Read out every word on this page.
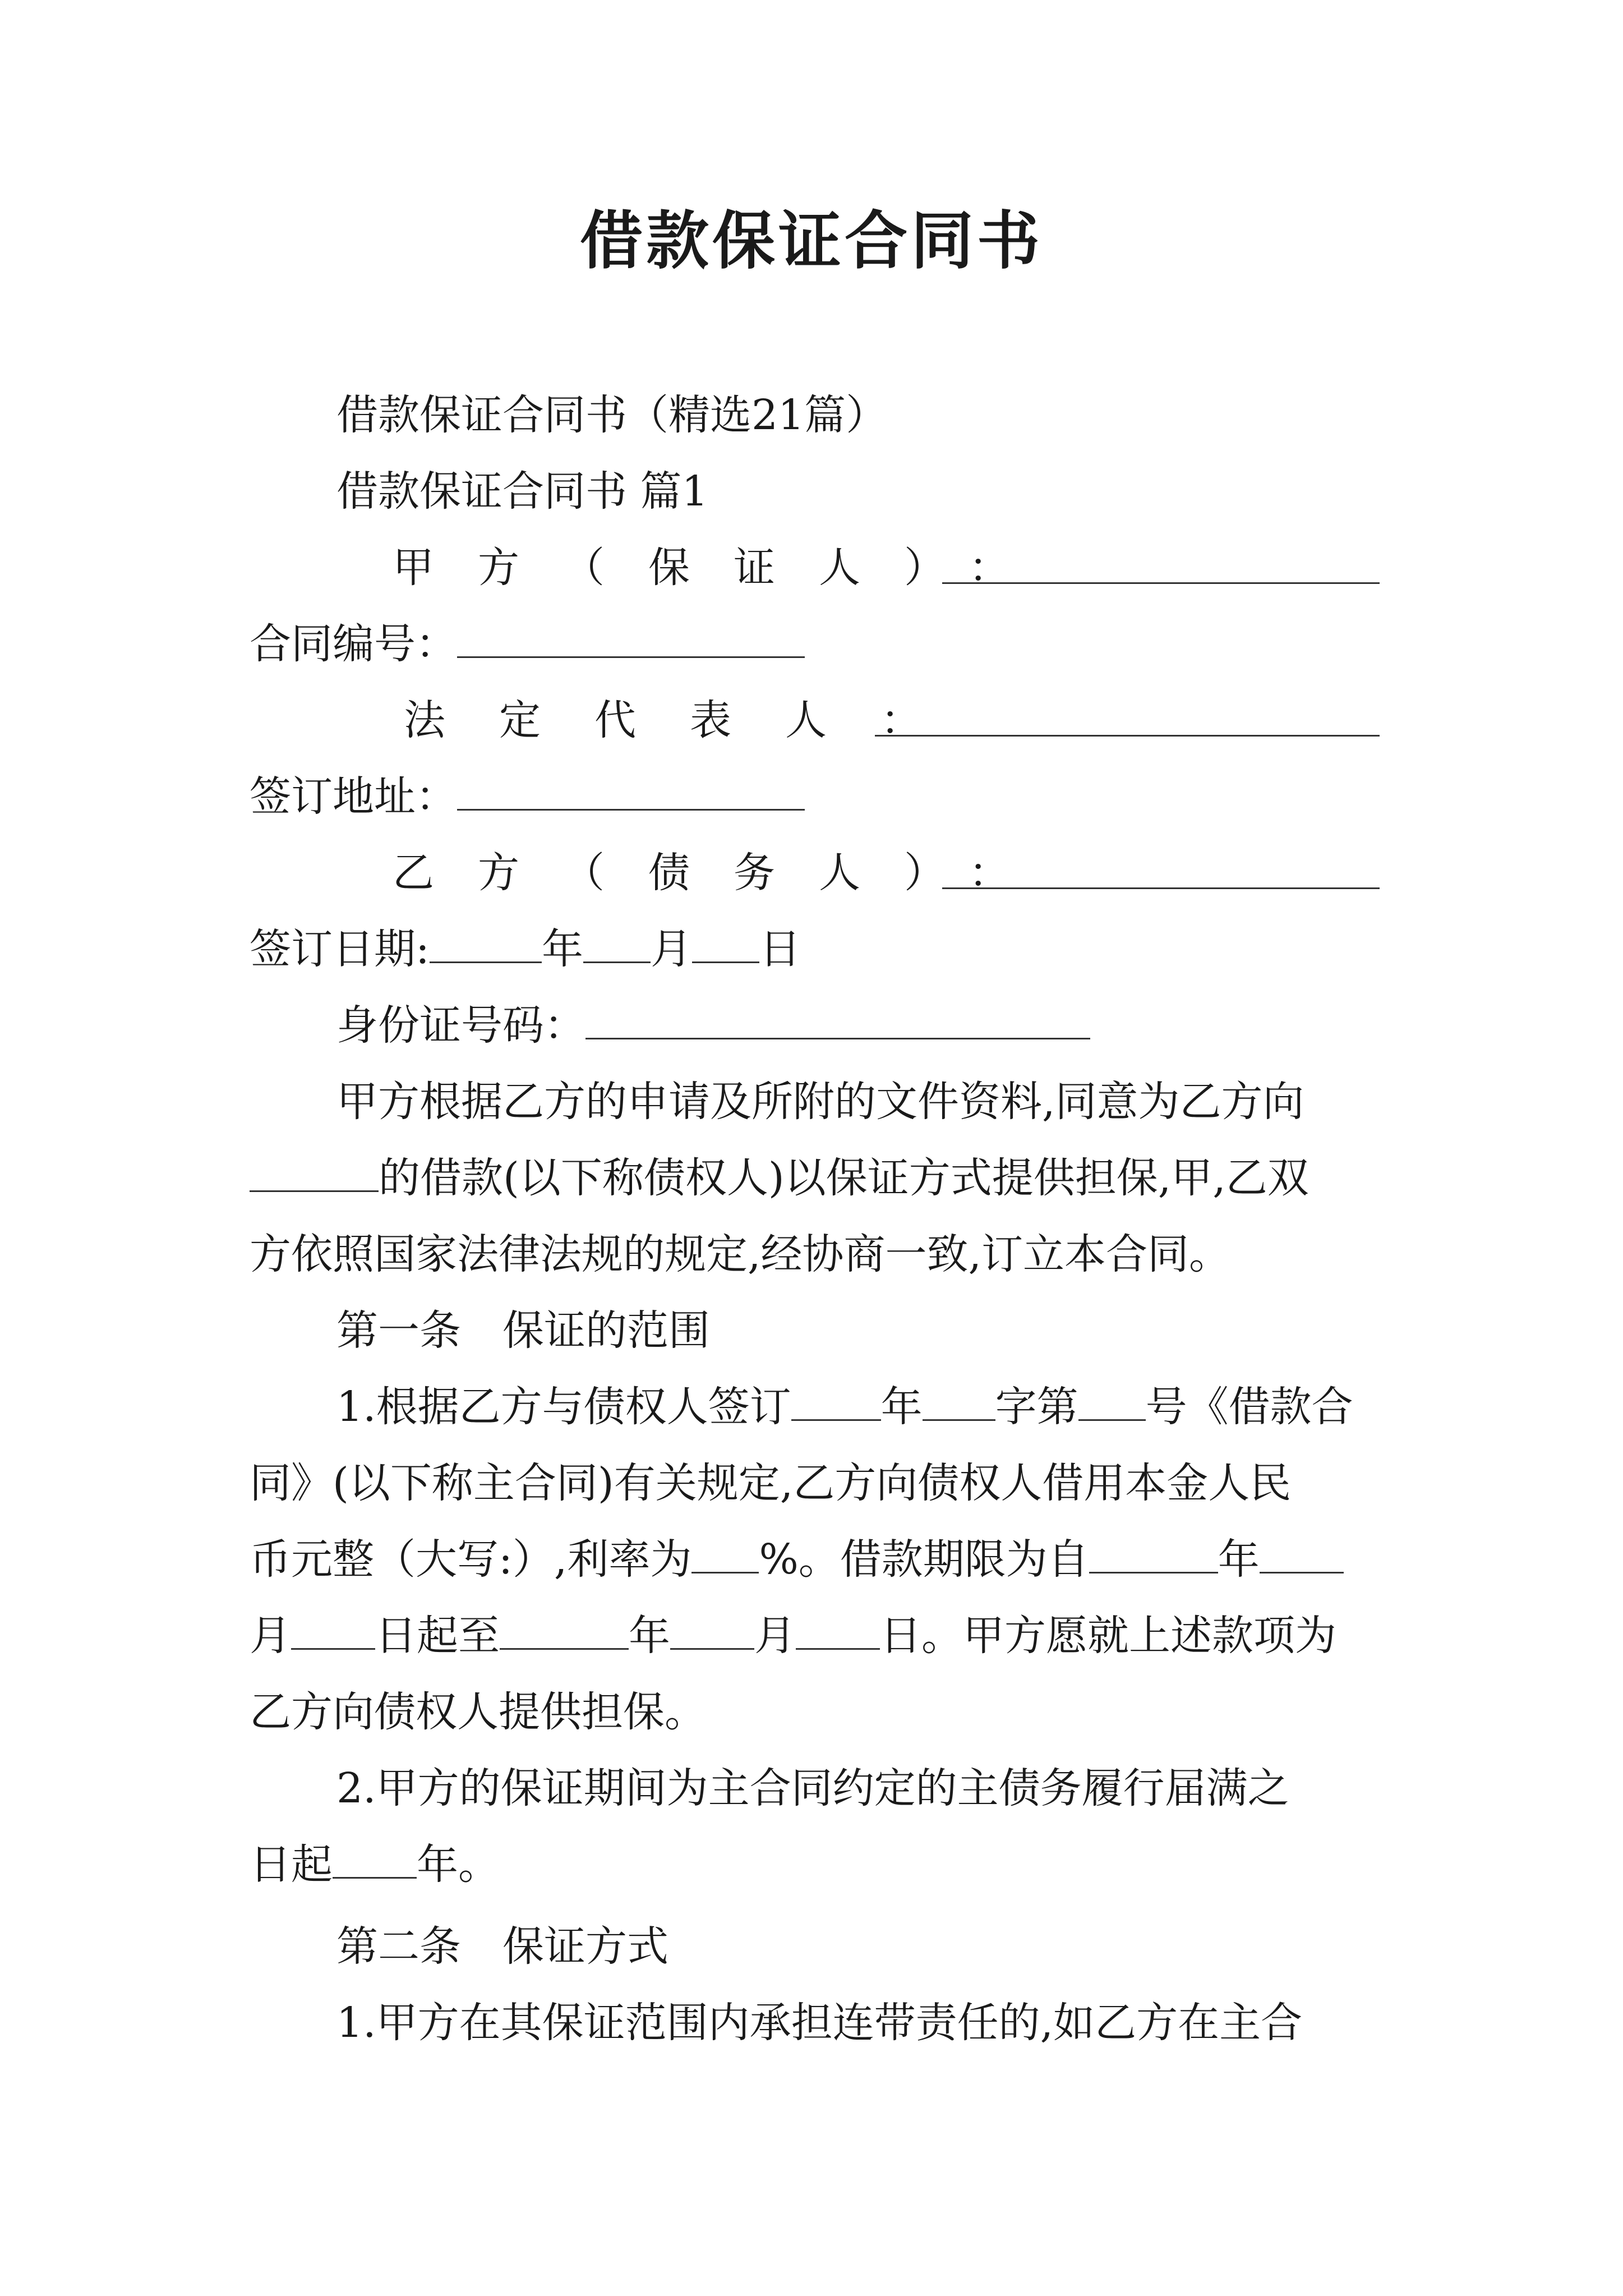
借款保证合同书
借款保证合同书（精选21篇）
借款保证合同书 篇1
甲方（保证人）：
合同编号：
法定代表人：
签订地址：
乙方（债务人）：
签订日期:	年 月 日
身份证号码：
甲方根据乙方的申请及所附的文件资料,同意为乙方向
的借款(以下称债权人)以保证方式提供担保,甲,乙双
方依照国家法律法规的规定,经协商一致,订立本合同。
第一条　保证的范围
1.根据乙方与债权人签订 年 字第 号《借款合
同》(以下称主合同)有关规定,乙方向债权人借用本金人民
币元整（大写:）,利率为 %。借款期限为自	年
月 日起至	年 月 日。甲方愿就上述款项为
乙方向债权人提供担保。
2.甲方的保证期间为主合同约定的主债务履行届满之
日起 年。
第二条　保证方式
1.甲方在其保证范围内承担连带责任的,如乙方在主合
